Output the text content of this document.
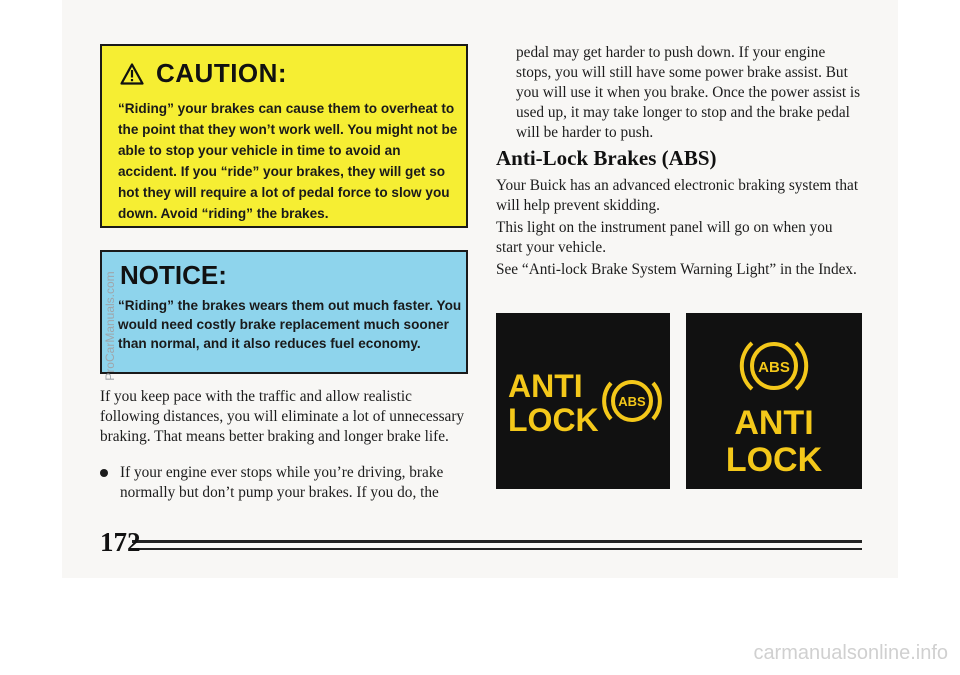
CAUTION:

“Riding” your brakes can cause them to overheat to the point that they won’t work well. You might not be able to stop your vehicle in time to avoid an accident. If you “ride” your brakes, they will get so hot they will require a lot of pedal force to slow you down. Avoid “riding” the brakes.

NOTICE:

“Riding” the brakes wears them out much faster. You would need costly brake replacement much sooner than normal, and it also reduces fuel economy.

If you keep pace with the traffic and allow realistic following distances, you will eliminate a lot of unnecessary braking. That means better braking and longer brake life.

If your engine ever stops while you’re driving, brake normally but don’t pump your brakes. If you do, the

pedal may get harder to push down. If your engine stops, you will still have some power brake assist. But you will use it when you brake. Once the power assist is used up, it may take longer to stop and the brake pedal will be harder to push.

Anti-Lock Brakes (ABS)

Your Buick has an advanced electronic braking system that will help prevent skidding.

This light on the instrument panel will go on when you start your vehicle.

See “Anti-lock Brake System Warning Light” in the Index.

ANTI
LOCK
ABS
ABS
ANTI
LOCK

172

ProCarManuals.com

carmanualsonline.info
